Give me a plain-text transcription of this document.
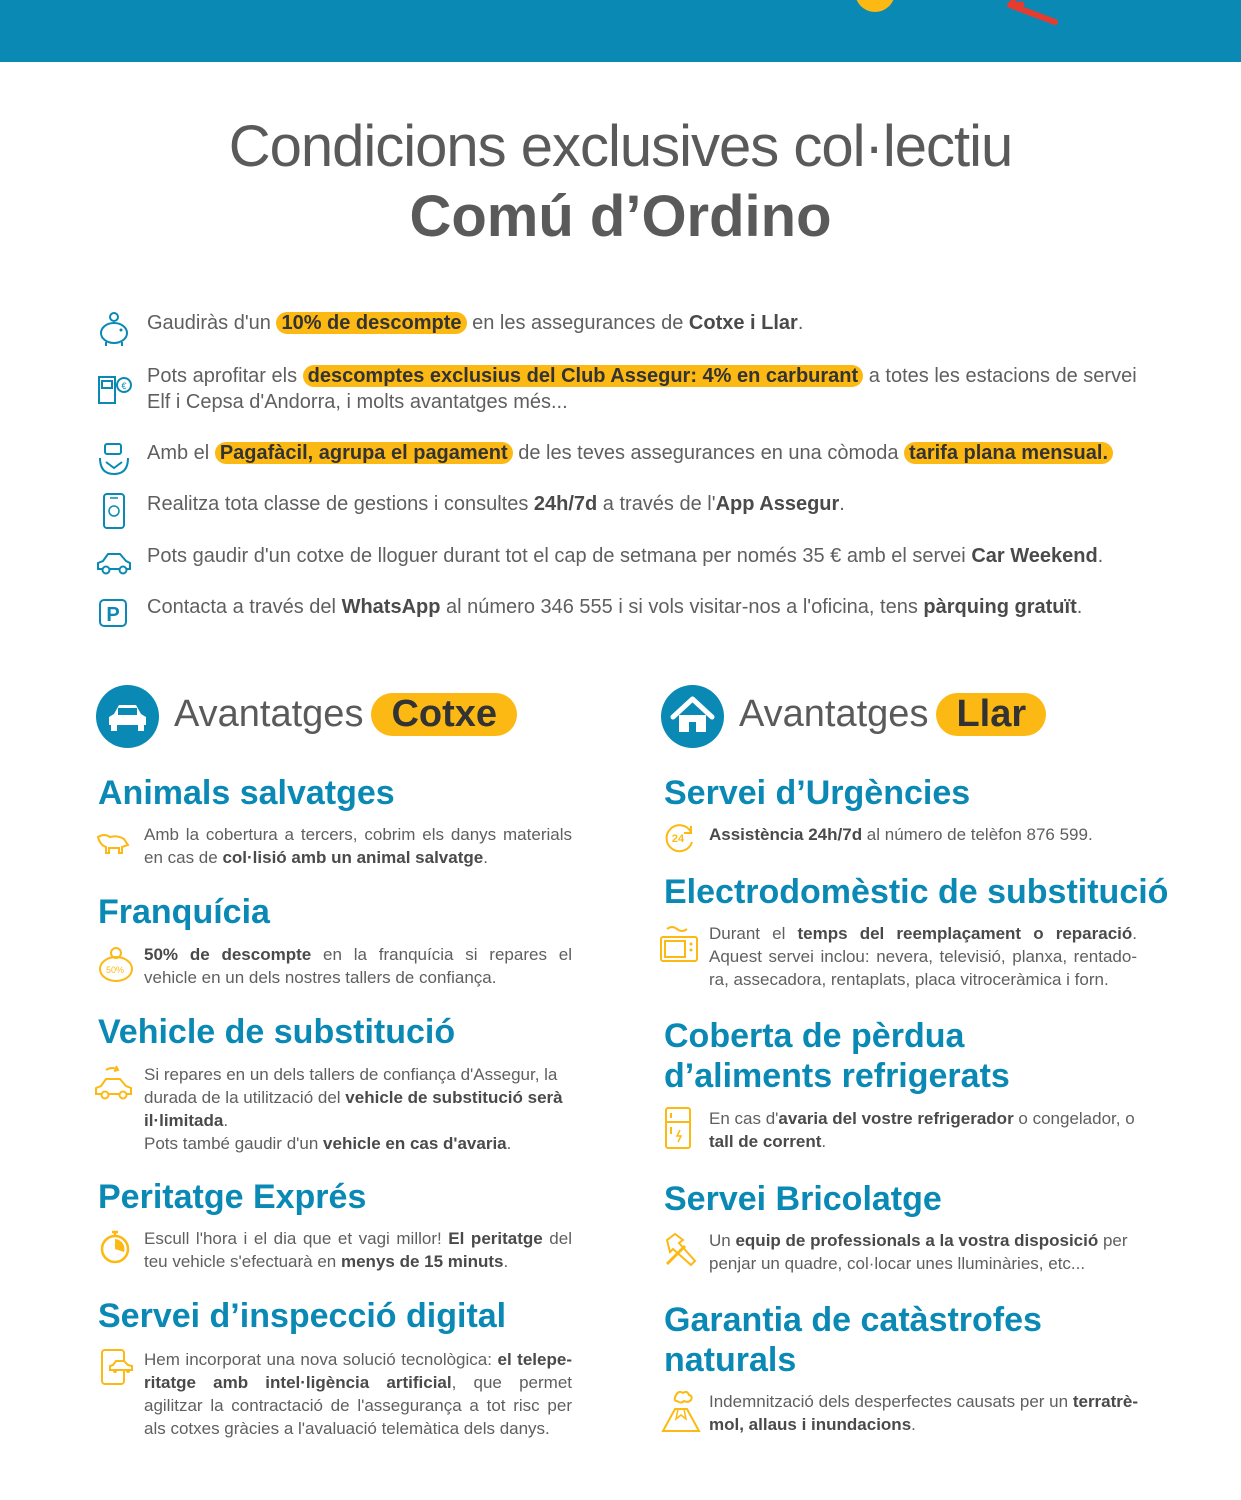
Condicions exclusives col·lectiu
Comú d’Ordino
Gaudiràs d'un 10% de descompte en les assegurances de Cotxe i Llar.
€ Pots aprofitar els descomptes exclusius del Club Assegur: 4% en carburant a totes les estacions de servei Elf i Cepsa d'Andorra, i molts avantatges més...
Amb el Pagafàcil, agrupa el pagament de les teves assegurances en una còmoda tarifa plana mensual.
Realitza tota classe de gestions i consultes 24h/7d a través de l'App Assegur.
Pots gaudir d'un cotxe de lloguer durant tot el cap de setmana per només 35 € amb el servei Car Weekend.
P Contacta a través del WhatsApp al número 346 555 i si vols visitar-nos a l'oficina, tens pàrquing gratuït.
Avantatges Cotxe
Animals salvatges
Amb la cobertura a tercers, cobrim els danys materials en cas de col·lisió amb un animal salvatge.
Franquícia
50%
50% de descompte en la franquícia si repares el vehicle en un dels nostres tallers de confiança.
Vehicle de substitució
Si repares en un dels tallers de confiança d'Assegur, la durada de la utilització del vehicle de substitució serà il·limitada.
Pots també gaudir d'un vehicle en cas d'avaria.
Peritatge Exprés
Escull l'hora i el dia que et vagi millor! El peritatge del teu vehicle s'efectuarà en menys de 15 minuts.
Servei d’inspecció digital
Hem incorporat una nova solució tecnològica: el teleperitatge amb intel·ligència artificial, que permet agilitzar la contractació de l'assegurança a tot risc per als cotxes gràcies a l'avaluació telemàtica dels danys.
Avantatges Llar
Servei d’Urgències
24 Assistència 24h/7d al número de telèfon 876 599.
Electrodomèstic de substitució
Durant el temps del reemplaçament o reparació. Aquest servei inclou: nevera, televisió, planxa, rentadora, assecadora, rentaplats, placa vitroceràmica i forn.
Coberta de pèrdua d’aliments refrigerats
En cas d'avaria del vostre refrigerador o congelador, o tall de corrent.
Servei Bricolatge
Un equip de professionals a la vostra disposició per penjar un quadre, col·locar unes lluminàries, etc...
Garantia de catàstrofes naturals
Indemnització dels desperfectes causats per un terratrèmol, allaus i inundacions.
